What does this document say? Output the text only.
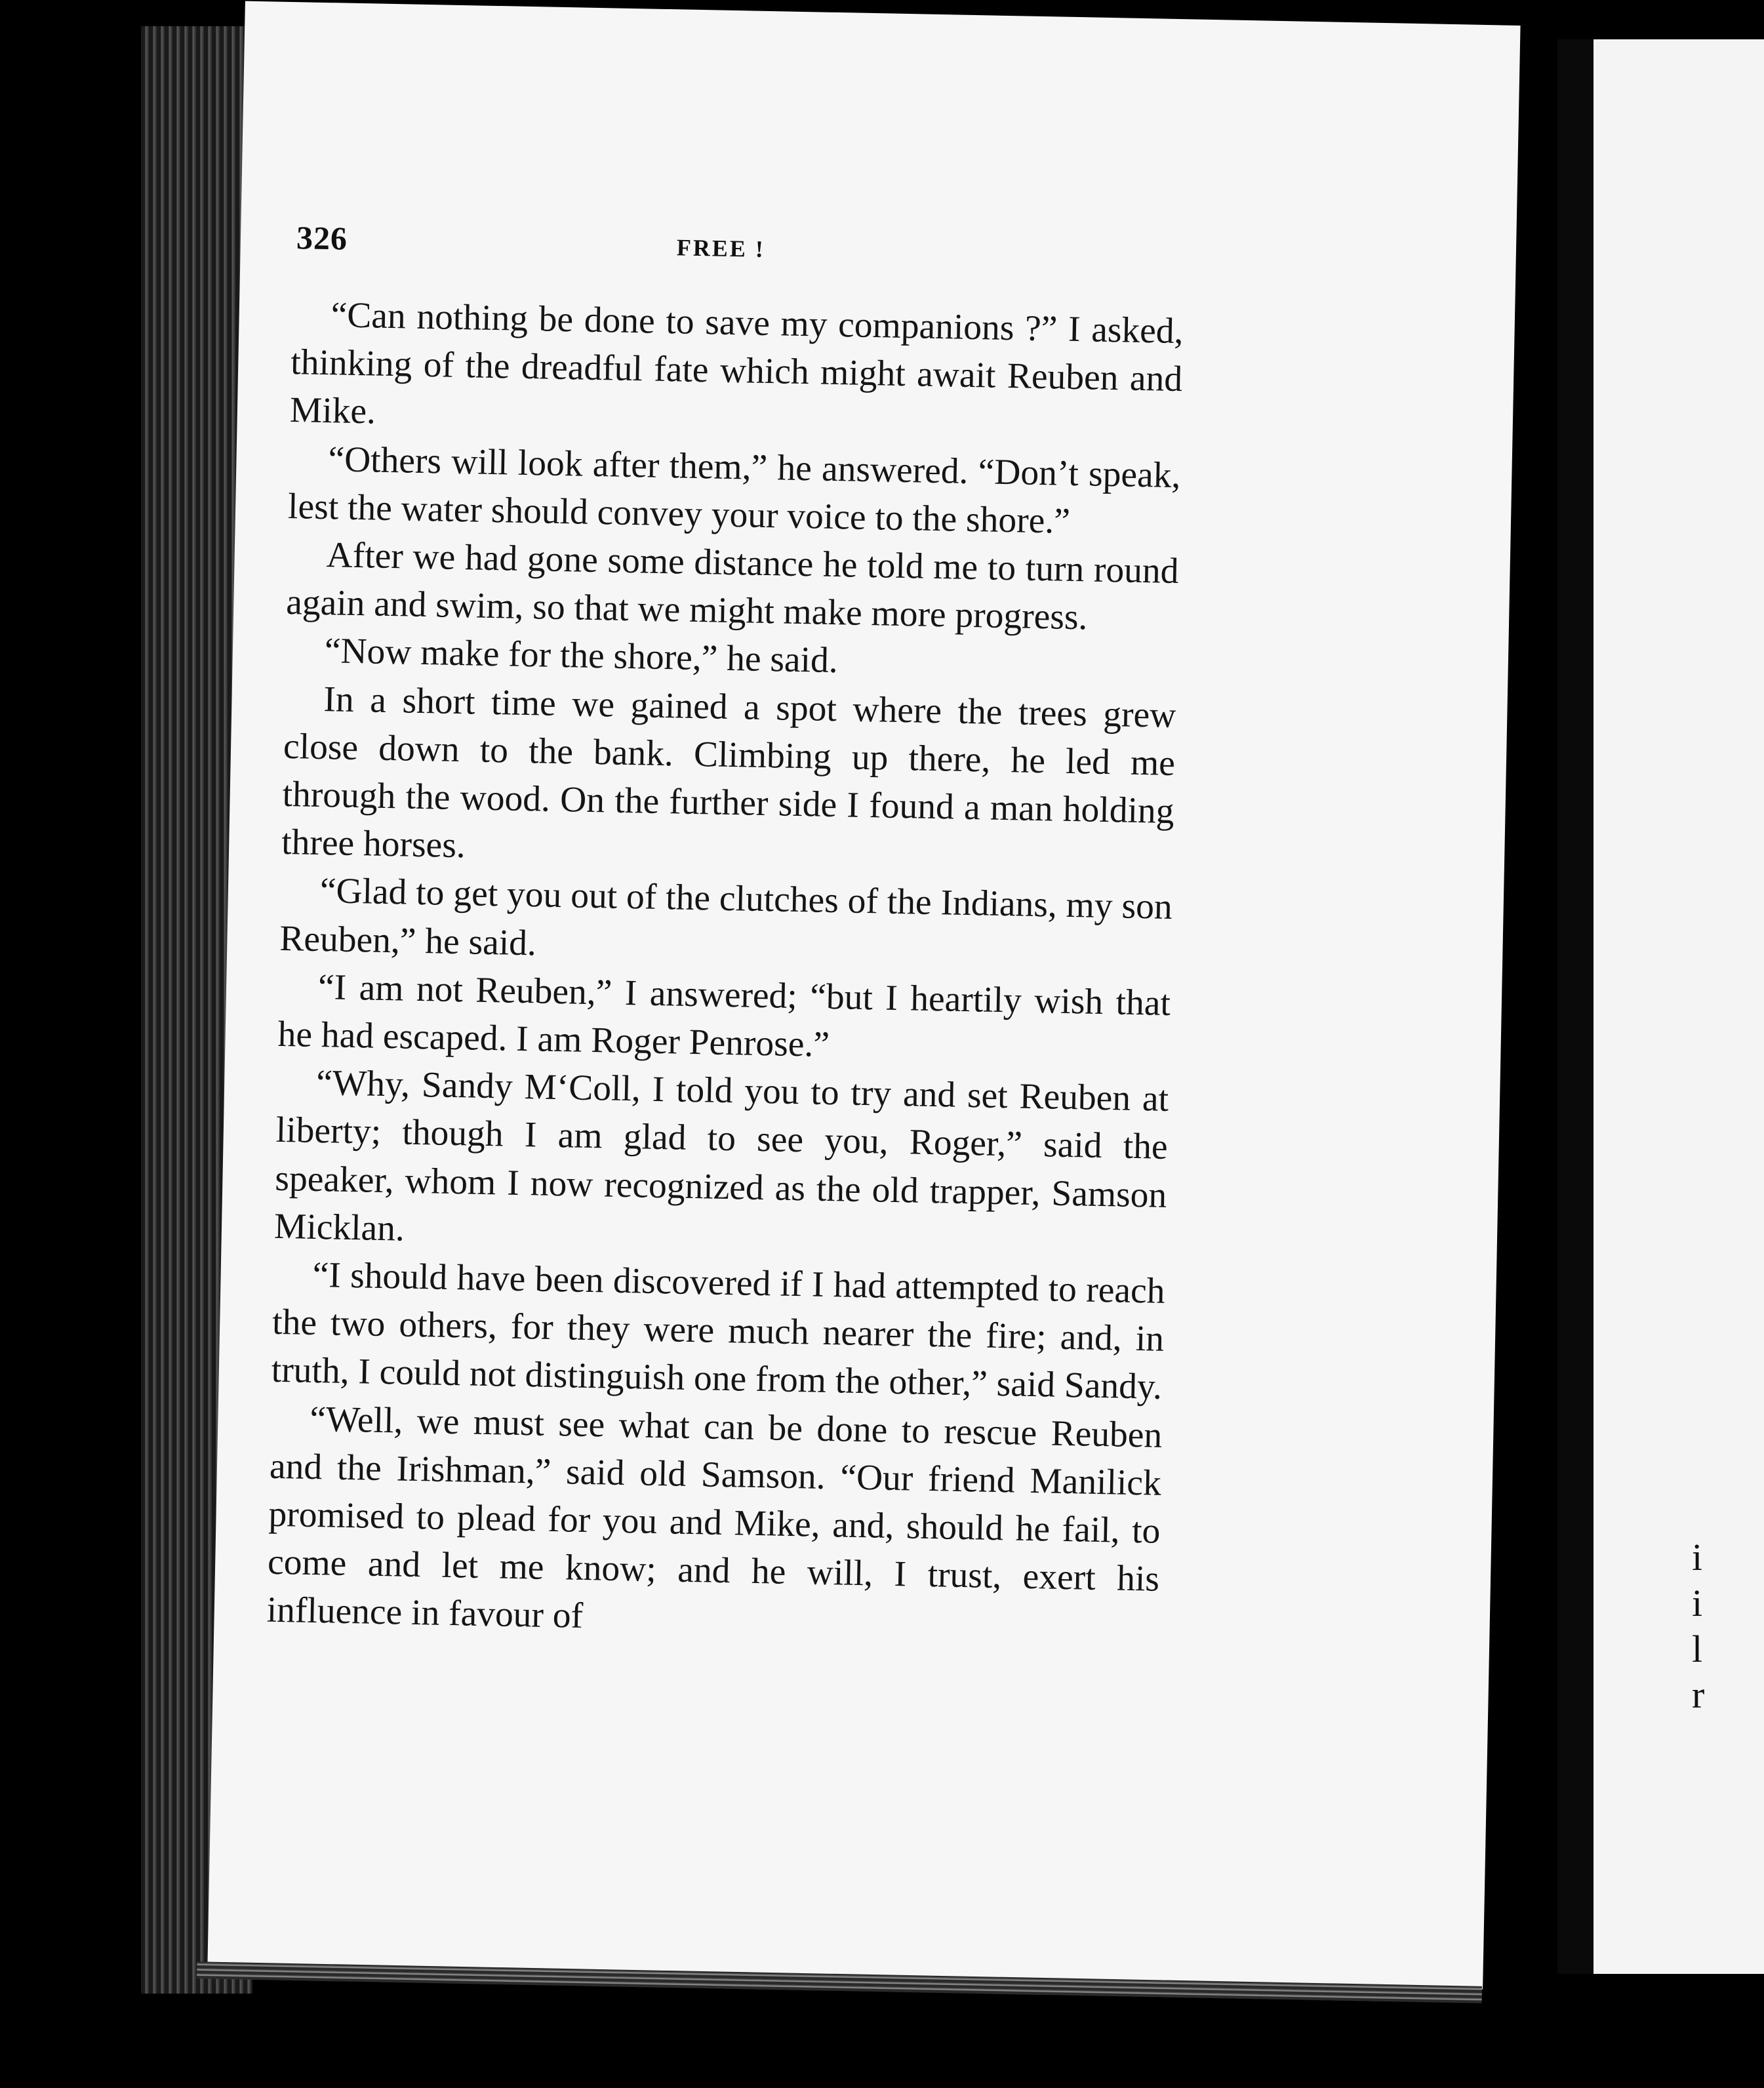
i i l r
326	FREE !

“Can nothing be done to save my companions ?” I asked, thinking of the dreadful fate which might await Reuben and Mike.

“Others will look after them,” he answered. “Don’t speak, lest the water should convey your voice to the shore.”

After we had gone some distance he told me to turn round again and swim, so that we might make more progress.

“Now make for the shore,” he said.

In a short time we gained a spot where the trees grew close down to the bank. Climbing up there, he led me through the wood. On the further side I found a man holding three horses.

“Glad to get you out of the clutches of the Indians, my son Reuben,” he said.

“I am not Reuben,” I answered; “but I heartily wish that he had escaped. I am Roger Penrose.”

“Why, Sandy M‘Coll, I told you to try and set Reuben at liberty; though I am glad to see you, Roger,” said the speaker, whom I now recognized as the old trapper, Samson Micklan.

“I should have been discovered if I had attempted to reach the two others, for they were much nearer the fire; and, in truth, I could not distinguish one from the other,” said Sandy.

“Well, we must see what can be done to rescue Reuben and the Irishman,” said old Samson. “Our friend Manilick promised to plead for you and Mike, and, should he fail, to come and let me know; and he will, I trust, exert his influence in favour of
